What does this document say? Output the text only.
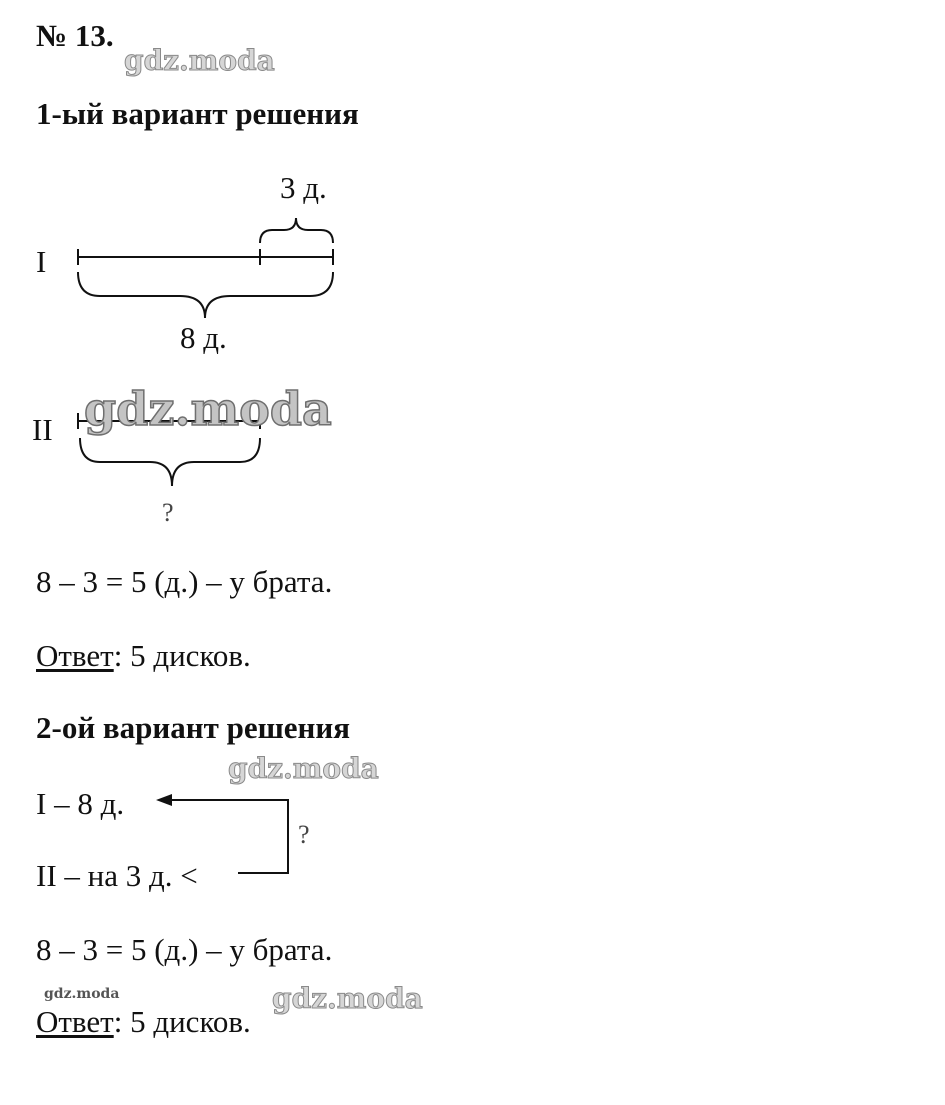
№ 13.
gdz.moda
1-ый вариант решения
I
3 д.
8 д.
II gdz.moda
?
8 – 3 = 5 (д.) – у брата.
Ответ: 5 дисков.
2-ой вариант решения
gdz.moda
I – 8 д.
II – на 3 д. <
?
8 – 3 = 5 (д.) – у брата.
gdz.moda	gdz.moda
Ответ: 5 дисков.
